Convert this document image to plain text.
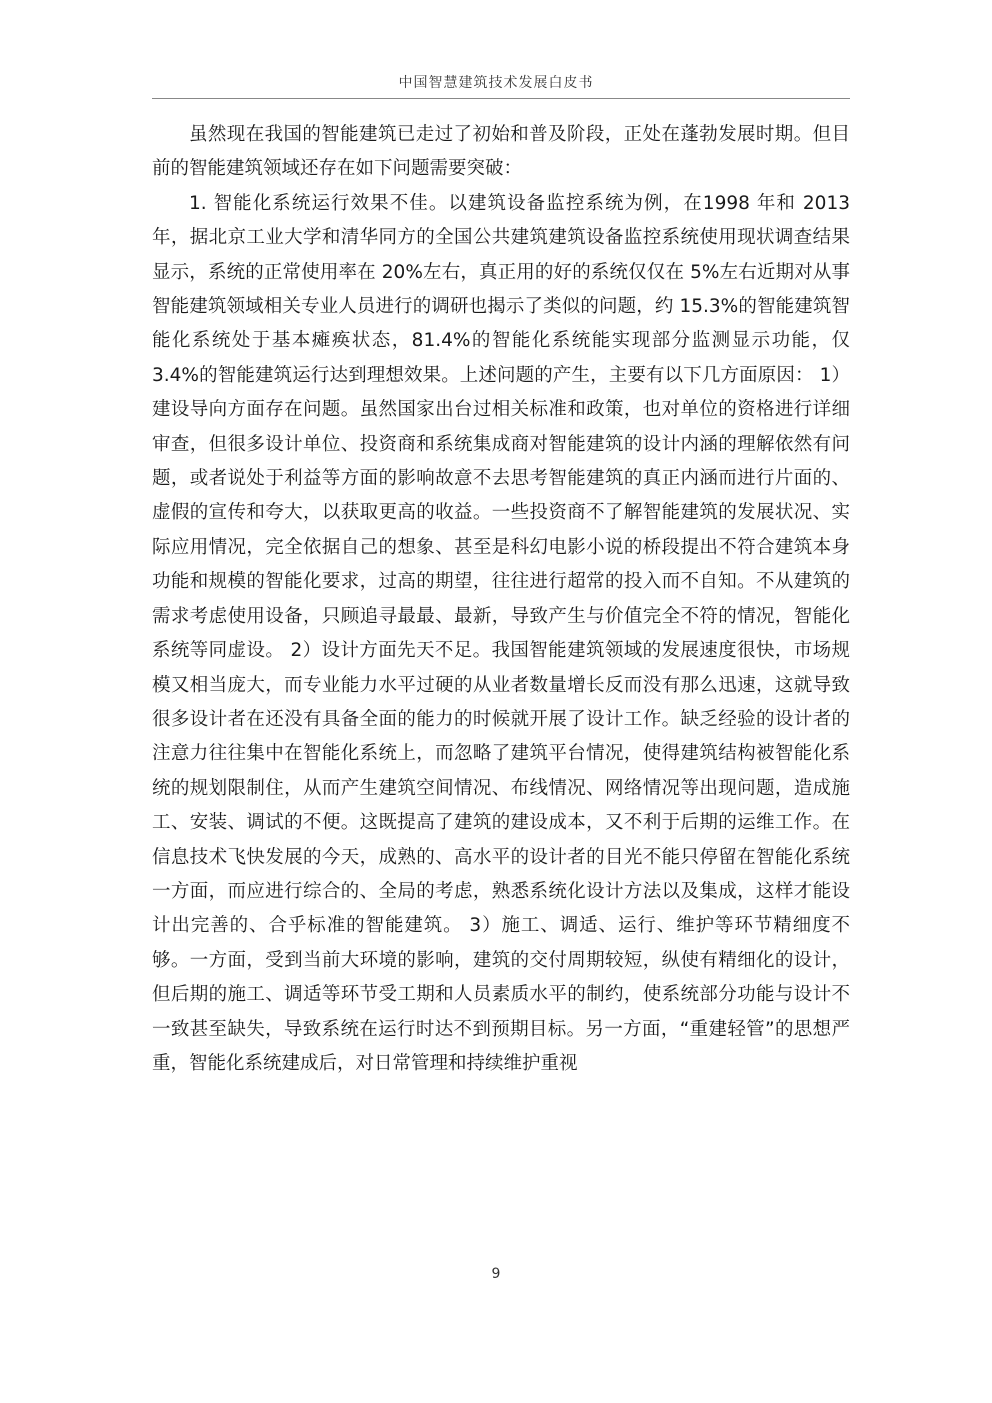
中国智慧建筑技术发展白皮书

虽然现在我国的智能建筑已走过了初始和普及阶段，正处在蓬勃发展时期。但目前的智能建筑领域还存在如下问题需要突破：

1. 智能化系统运行效果不佳。以建筑设备监控系统为例，在1998 年和 2013年，据北京工业大学和清华同方的全国公共建筑建筑设备监控系统使用现状调查结果显示，系统的正常使用率在 20%左右，真正用的好的系统仅仅在 5%左右近期对从事智能建筑领域相关专业人员进行的调研也揭示了类似的问题，约 15.3%的智能建筑智能化系统处于基本瘫痪状态，81.4%的智能化系统能实现部分监测显示功能，仅 3.4%的智能建筑运行达到理想效果。上述问题的产生，主要有以下几方面原因： 1）建设导向方面存在问题。虽然国家出台过相关标准和政策，也对单位的资格进行详细审查，但很多设计单位、投资商和系统集成商对智能建筑的设计内涵的理解依然有问题，或者说处于利益等方面的影响故意不去思考智能建筑的真正内涵而进行片面的、虚假的宣传和夸大，以获取更高的收益。一些投资商不了解智能建筑的发展状况、实际应用情况，完全依据自己的想象、甚至是科幻电影小说的桥段提出不符合建筑本身功能和规模的智能化要求，过高的期望，往往进行超常的投入而不自知。不从建筑的需求考虑使用设备，只顾追寻最最、最新，导致产生与价值完全不符的情况，智能化系统等同虚设。 2）设计方面先天不足。我国智能建筑领域的发展速度很快，市场规模又相当庞大，而专业能力水平过硬的从业者数量增长反而没有那么迅速，这就导致很多设计者在还没有具备全面的能力的时候就开展了设计工作。缺乏经验的设计者的注意力往往集中在智能化系统上，而忽略了建筑平台情况，使得建筑结构被智能化系统的规划限制住，从而产生建筑空间情况、布线情况、网络情况等出现问题，造成施工、安装、调试的不便。这既提高了建筑的建设成本，又不利于后期的运维工作。在信息技术飞快发展的今天，成熟的、高水平的设计者的目光不能只停留在智能化系统一方面，而应进行综合的、全局的考虑，熟悉系统化设计方法以及集成，这样才能设计出完善的、合乎标准的智能建筑。 3）施工、调适、运行、维护等环节精细度不够。一方面，受到当前大环境的影响，建筑的交付周期较短，纵使有精细化的设计，但后期的施工、调适等环节受工期和人员素质水平的制约，使系统部分功能与设计不一致甚至缺失，导致系统在运行时达不到预期目标。另一方面，“重建轻管”的思想严重，智能化系统建成后，对日常管理和持续维护重视

9
